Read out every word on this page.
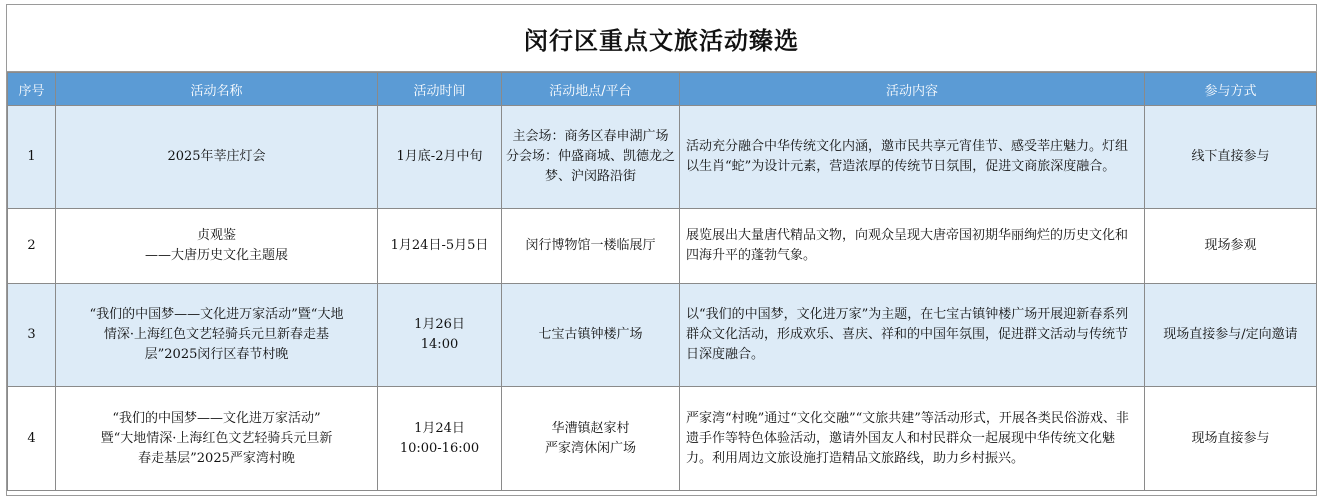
闵行区重点文旅活动臻选
序号	活动名称	活动时间	活动地点/平台	活动内容	参与方式
1	2025年莘庄灯会	1月底-2月中旬	主会场：商务区春申湖广场
分会场：仲盛商城、凯德龙之梦、沪闵路沿街	活动充分融合中华传统文化内涵，邀市民共享元宵佳节、感受莘庄魅力。灯组以生肖“蛇”为设计元素，营造浓厚的传统节日氛围，促进文商旅深度融合。	线下直接参与
2	贞观鉴
——大唐历史文化主题展	1月24日-5月5日	闵行博物馆一楼临展厅	展览展出大量唐代精品文物，向观众呈现大唐帝国初期华丽绚烂的历史文化和四海升平的蓬勃气象。	现场参观
3	“我们的中国梦——文化进万家活动”暨“大地情深·上海红色文艺轻骑兵元旦新春走基层”2025闵行区春节村晚	1月26日
14:00	七宝古镇钟楼广场	以“我们的中国梦，文化进万家”为主题，在七宝古镇钟楼广场开展迎新春系列群众文化活动，形成欢乐、喜庆、祥和的中国年氛围，促进群文活动与传统节日深度融合。	现场直接参与/定向邀请
4	“我们的中国梦——文化进万家活动” 暨“大地情深·上海红色文艺轻骑兵元旦新春走基层”2025严家湾村晚	1月24日
10:00-16:00	华漕镇赵家村
严家湾休闲广场	严家湾“村晚”通过“文化交融”“文旅共建”等活动形式，开展各类民俗游戏、非遗手作等特色体验活动，邀请外国友人和村民群众一起展现中华传统文化魅力。利用周边文旅设施打造精品文旅路线，助力乡村振兴。	现场直接参与
